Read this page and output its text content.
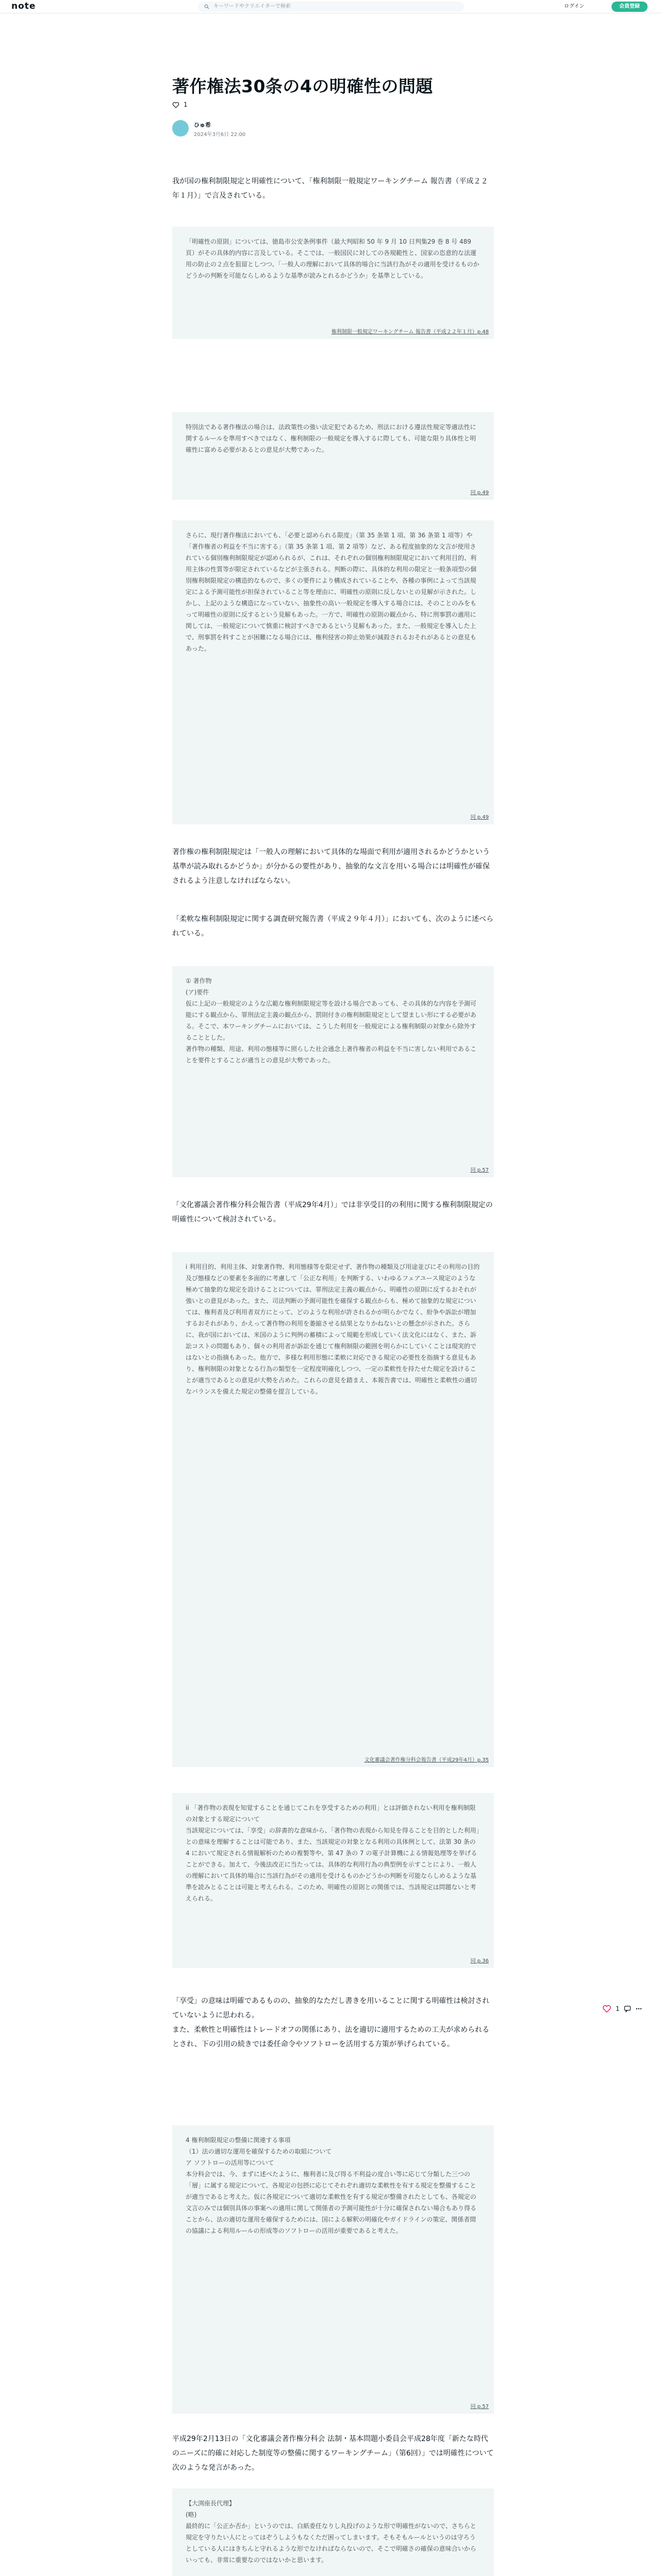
note	キーワードやクリエイターで検索	ログイン	会員登録
著作権法30条の4の明確性の問題
1
ひゅ希
2024年3月6日 22:00
我が国の権利制限規定と明確性について、「権利制限一般規定ワーキングチーム 報告書（平成２２年１月）」で言及されている。
「明確性の原則」については、徳島市公安条例事件（最大判昭和 50 年 9 月 10 日判集29 巻 8 号 489 頁）がその具体的内容に言及している。そこでは、一般国民に対しての各規範性と、国家の恣意的な法運用の防止の２点を狙留としつつ、「一般人の理解において具体的場合に当該行為がその適用を受けるものかどうかの判断を可能ならしめるような基準が読みとれるかどうか」を基準としている。
権利制限一般規定ワーキングチーム 報告書（平成２２年１月）p.48
特別法である著作権法の場合は、法政策性の強い法定犯であるため、刑法における遵法性規定等適法性に関するルールを準用すべきではなく、権利制限の一般規定を導入するに際しても、可能な限り具体性と明確性に富める必要があるとの意見が大勢であった。
同 p.49
さらに、現行著作権法においても、「必要と認められる限度」（第 35 条第 1 項、第 36 条第 1 項等）や「著作権者の利益を不当に害する」（第 35 条第 1 項、第 2 項等）など、ある程度抽象的な文言が使用されている個別権利制限規定が認められるが、これは、それぞれの個別権利制限規定において利用目的、利用主体の性質等が限定されているなどが主張される。判断の際に、具体的な利用の限定と一般条項型の個別権利制限規定の構造的なもので、多くの要件により構成されていることや、各種の事例によって当該規定による予測可能性が担保されていること等を理由に、明確性の原則に反しないとの見解が示された。しかし、上記のような構造になっていない、抽象性の高い一般規定を導入する場合には、そのことのみをもって明確性の原則に反するという見解もあった。一方で、明確性の原則の観点から、特に刑事罰の適用に関しては、一般規定について慎重に検討すべきであるという見解もあった。また、一般規定を導入した上で、刑事罰を科すことが困難になる場合には、権利侵害の抑止効果が減殺されるおそれがあるとの意見もあった。
同 p.49
著作権の権利制限規定は「一般人の理解において具体的な場面で利用が適用されるかどうかという基準が読み取れるかどうか」が分かるの要性があり、抽象的な文言を用いる場合には明確性が確保されるよう注意しなければならない。
「柔軟な権利制限規定に関する調査研究報告書（平成２９年４月）」においても、次のように述べられている。
① 著作物
(ア)要件
仮に上記の一般規定のような広範な権利制限規定等を設ける場合であっても、その具体的な内容を予測可能にする観点から、罪刑法定主義の観点から、罰則付きの権利制限規定として望ましい形にする必要がある。そこで、本ワーキングチームにおいては、こうした利用を一般規定による権利制限の対象から除外することとした。
著作物の種類、用途、利用の態様等に照らした社会通念上著作権者の利益を不当に害しない利用であることを要件とすることが適当との意見が大勢であった。
同 p.57
「文化審議会著作権分科会報告書（平成29年4月）」では非享受目的の利用に関する権利制限規定の明確性について検討されている。
i 利用目的、利用主体、対象著作物、利用態様等を限定せず、著作物の種類及び用途並びにその利用の目的及び態様などの要素を多面的に考慮して「公正な利用」を判断する、いわゆるフェアユース規定のような極めて抽象的な規定を設けることについては、罪刑法定主義の観点から、明確性の原則に反するおそれが強いとの意見があった。また、司法判断の予測可能性を確保する観点からも、極めて抽象的な規定については、権利者及び利用者双方にとって、どのような利用が許されるかが明らかでなく、紛争や訴訟が増加するおそれがあり、かえって著作物の利用を萎縮させる結果となりかねないとの懸念が示された。さらに、我が国においては、米国のように判例の蓄積によって規範を形成していく法文化にはなく、また、訴訟コストの問題もあり、個々の利用者が訴訟を通じて権利制限の範囲を明らかにしていくことは現実的ではないとの指摘もあった。他方で、多様な利用形態に柔軟に対応できる規定の必要性を指摘する意見もあり、権利制限の対象となる行為の類型を一定程度明確化しつつ、一定の柔軟性を持たせた規定を設けることが適当であるとの意見が大勢を占めた。これらの意見を踏まえ、本報告書では、明確性と柔軟性の適切なバランスを備えた規定の整備を提言している。
文化審議会著作権分科会報告書（平成29年4月）p.35
ii 「著作物の表現を知覚することを通じてこれを享受するための利用」とは評価されない利用を権利制限の対象とする規定について
当該規定については、「享受」の辞書的な意味から、「著作物の表現から知見を得ることを目的とした利用」との意味を理解することは可能であり、また、当該規定の対象となる利用の具体例として、法第 30 条の 4 において規定される情報解析のための複製等や、第 47 条の 7 の電子計算機による情報処理等を挙げることができる。加えて、今後法改正に当たっては、具体的な利用行為の典型例を示すことにより、一般人の理解において具体的場合に当該行為がその適用を受けるものかどうかの判断を可能ならしめるような基準を読みとることは可能と考えられる。このため、明確性の原則との関係では、当該規定は問題ないと考えられる。
同 p.36
「享受」の意味は明確であるものの、抽象的なただし書きを用いることに関する明確性は検討されていないように思われる。
また、柔軟性と明確性はトレードオフの関係にあり、法を適切に適用するための工夫が求められるとされ、下の引用の続きでは委任命令やソフトローを活用する方策が挙げられている。
4 権利制限規定の整備に関連する事項
（1）法の適切な運用を確保するための取組について
ア ソフトローの活用等について
本分科会では、今、まずに述べたように、権利者に及び得る不利益の度合い等に応じて分類した三つの「層」に属する規定について、各規定の包摂に応じてそれぞれ適切な柔軟性を有する規定を整備することが適当であると考えた。仮に各規定について適切な柔軟性を有する規定が整備されたとしても、各規定の文言のみでは個別具体の事案への適用に関して関係者の予測可能性が十分に確保されない場合もあり得ることから、法の適切な運用を確保するためには、国による解釈の明確化やガイドラインの策定、関係者間の協議による利用ルールの形成等のソフトローの活用が重要であると考えた。
同 p.57
平成29年2月13日の「文化審議会著作権分科会 法制・基本問題小委員会平成28年度「新たな時代のニーズに的確に対応した制度等の整備に関するワーキングチーム」（第6回）」では明確性について次のような発言があった。
【大渕座長代理】
(略)
最終的に「公正か否か」というのでは、白紙委任なりし丸投げのような形で明確性がないので、さちらと規定を守りたい人にとってはぞうしようもなくただ困ってしまいます。そもそもルールというのは守ろうとしている人にはきちんと守れるような形でなければならないので、そこで明確さの確保の意味合いからいっても、非常に重要なのではないかと思います。
1
